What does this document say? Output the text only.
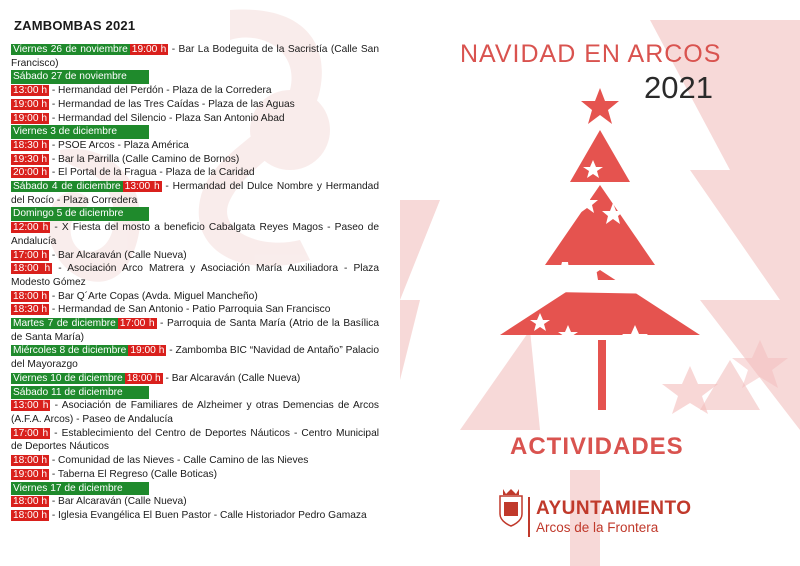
ZAMBOMBAS 2021
Viernes 26 de noviembre 19:00 h - Bar La Bodeguita de la Sacristía (Calle San Francisco)
Sábado 27 de noviembre
13:00 h - Hermandad del Perdón - Plaza de la Corredera
19:00 h - Hermandad de las Tres Caídas - Plaza de las Aguas
19:00 h - Hermandad del Silencio - Plaza San Antonio Abad
Viernes 3 de diciembre
18:30 h - PSOE Arcos - Plaza América
19:30 h - Bar la Parrilla (Calle Camino de Bornos)
20:00 h - El Portal de la Fragua - Plaza de la Caridad
Sábado 4 de diciembre 13:00 h - Hermandad del Dulce Nombre y Hermandad del Rocío - Plaza Corredera
Domingo 5 de diciembre
12:00 h - X Fiesta del mosto a beneficio Cabalgata Reyes Magos - Paseo de Andalucía
17:00 h - Bar Alcaraván (Calle Nueva)
18:00 h - Asociación Arco Matrera y Asociación María Auxiliadora - Plaza Modesto Gómez
18:00 h - Bar Q´Arte Copas (Avda. Miguel Mancheño)
18:30 h - Hermandad de San Antonio - Patio Parroquia San Francisco
Martes 7 de diciembre 17:00 h - Parroquia de Santa María (Atrio de la Basílica de Santa María)
Miércoles 8 de diciembre 19:00 h - Zambomba BIC “Navidad de Antaño” Palacio del Mayorazgo
Viernes 10 de diciembre 18:00 h - Bar Alcaraván (Calle Nueva)
Sábado 11 de diciembre
13:00 h - Asociación de Familiares de Alzheimer y otras Demencias de Arcos (A.F.A. Arcos) - Paseo de Andalucía
17:00 h - Establecimiento del Centro de Deportes Náuticos - Centro Municipal de Deportes Náuticos
18:00 h - Comunidad de las Nieves - Calle Camino de las Nieves
19:00 h - Taberna El Regreso (Calle Boticas)
Viernes 17 de diciembre
18:00 h - Bar Alcaraván (Calle Nueva)
18:00 h - Iglesia Evangélica El Buen Pastor - Calle Historiador Pedro Gamaza
NAVIDAD EN ARCOS
2021
ACTIVIDADES
AYUNTAMIENTO
Arcos de la Frontera
